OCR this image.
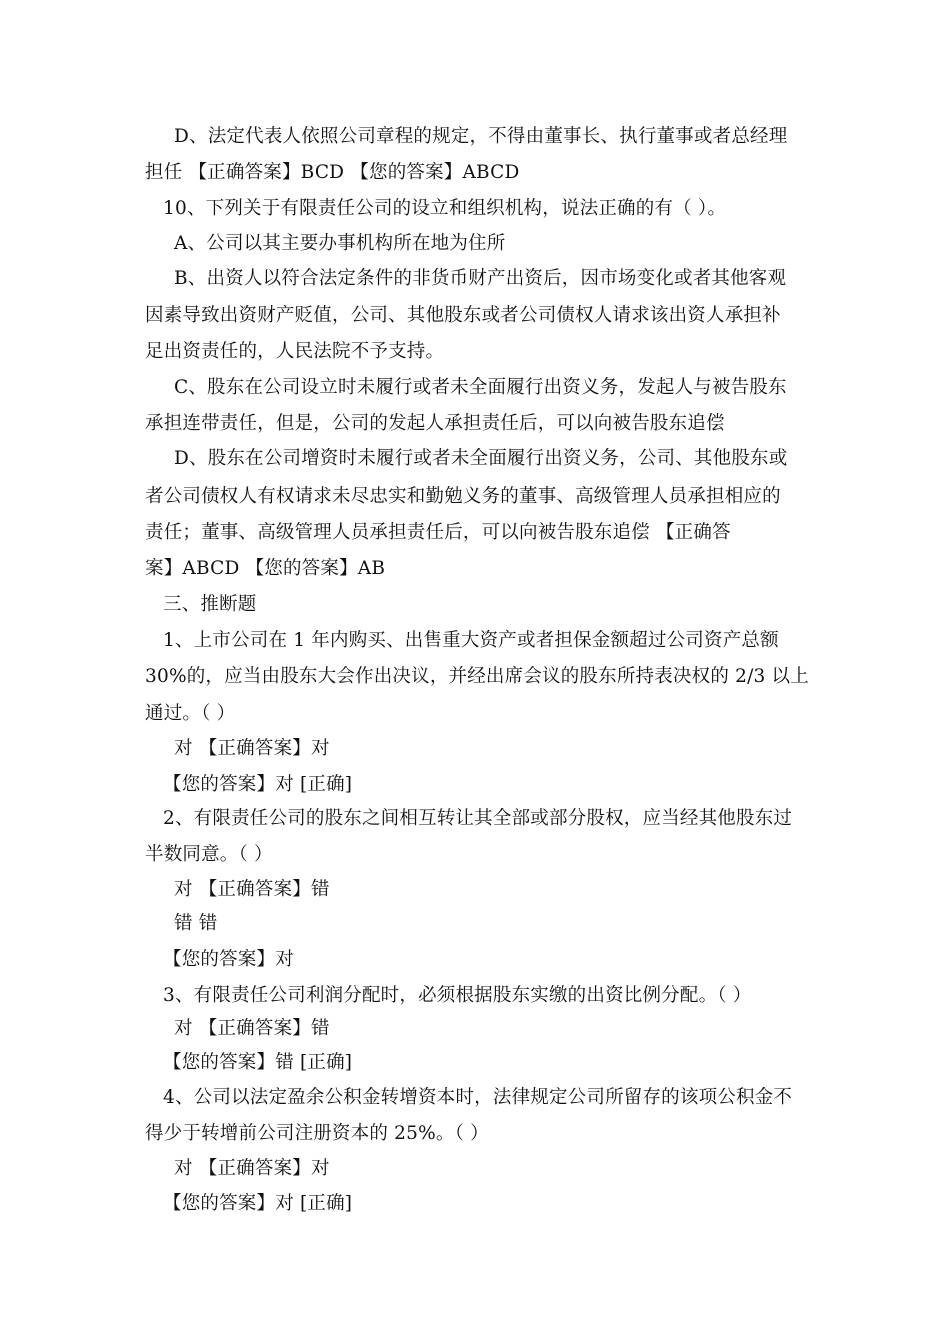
D、法定代表人依照公司章程的规定，不得由董事长、执行董事或者总经理
担任 【正确答案】BCD 【您的答案】ABCD
10、下列关于有限责任公司的设立和组织机构，说法正确的有（ ）。
A、公司以其主要办事机构所在地为住所
B、出资人以符合法定条件的非货币财产出资后，因市场变化或者其他客观
因素导致出资财产贬值，公司、其他股东或者公司债权人请求该出资人承担补
足出资责任的，人民法院不予支持。
C、股东在公司设立时未履行或者未全面履行出资义务，发起人与被告股东
承担连带责任，但是，公司的发起人承担责任后，可以向被告股东追偿
D、股东在公司增资时未履行或者未全面履行出资义务，公司、其他股东或
者公司债权人有权请求未尽忠实和勤勉义务的董事、高级管理人员承担相应的
责任；董事、高级管理人员承担责任后，可以向被告股东追偿 【正确答
案】ABCD 【您的答案】AB
三、推断题
1、上市公司在 1 年内购买、出售重大资产或者担保金额超过公司资产总额
30%的，应当由股东大会作出决议，并经出席会议的股东所持表决权的 2/3 以上
通过。（ ）
对 【正确答案】对
【您的答案】对 [正确]
2、有限责任公司的股东之间相互转让其全部或部分股权，应当经其他股东过
半数同意。（ ）
对 【正确答案】错
错 错
【您的答案】对
3、有限责任公司利润分配时，必须根据股东实缴的出资比例分配。（ ）
对 【正确答案】错
【您的答案】错 [正确]
4、公司以法定盈余公积金转增资本时，法律规定公司所留存的该项公积金不
得少于转增前公司注册资本的 25%。（ ）
对 【正确答案】对
【您的答案】对 [正确]
